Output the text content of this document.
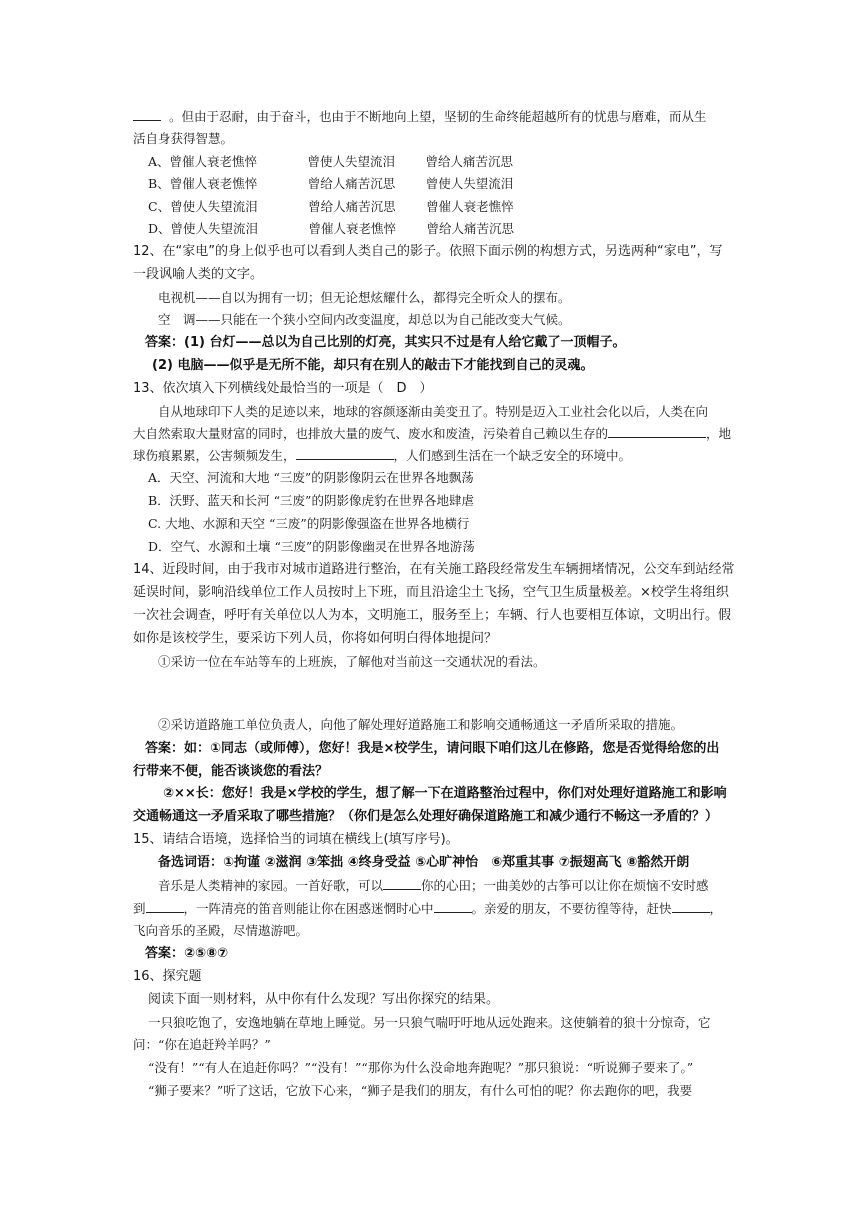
。但由于忍耐，由于奋斗，也由于不断地向上望，坚韧的生命终能超越所有的忧患与磨难，而从生
活自身获得智慧。
A、曾催人衰老憔悴	曾使人失望流泪 曾给人痛苦沉思
B、曾催人衰老憔悴	曾给人痛苦沉思 曾使人失望流泪
C、曾使人失望流泪	曾给人痛苦沉思 曾催人衰老憔悴
D、曾使人失望流泪	曾催人衰老憔悴 曾给人痛苦沉思
12、在“家电”的身上似乎也可以看到人类自己的影子。依照下面示例的构想方式，另选两种“家电”，写
一段讽喻人类的文字。
电视机——自以为拥有一切；但无论想炫耀什么，都得完全听众人的摆布。
空　调——只能在一个狭小空间内改变温度，却总以为自己能改变大气候。
答案：(1) 台灯——总以为自己比别的灯亮，其实只不过是有人给它戴了一顶帽子。
(2) 电脑——似乎是无所不能，却只有在别人的敲击下才能找到自己的灵魂。
13、依次填入下列横线处最恰当的一项是（　D　）
自从地球印下人类的足迹以来，地球的容颜逐渐由美变丑了。特别是迈入工业社会化以后，人类在向
大自然索取大量财富的同时，也排放大量的废气、废水和废渣，污染着自己赖以生存的	，地
球伤痕累累，公害频频发生，	，人们感到生活在一个缺乏安全的环境中。
A．天空、河流和大地 “三废”的阴影像阴云在世界各地飘荡
B．沃野、蓝天和长河 “三废”的阴影像虎豹在世界各地肆虐
C. 大地、水源和天空 “三废”的阴影像强盗在世界各地横行
D．空气、水源和土壤 “三废”的阴影像幽灵在世界各地游荡
14、近段时间，由于我市对城市道路进行整治，在有关施工路段经常发生车辆拥堵情况，公交车到站经常
延误时间，影响沿线单位工作人员按时上下班，而且沿途尘土飞扬，空气卫生质量极差。×校学生将组织
一次社会调查，呼吁有关单位以人为本，文明施工，服务至上；车辆、行人也要相互体谅，文明出行。假
如你是该校学生，要采访下列人员，你将如何明白得体地提问？
①采访一位在车站等车的上班族，了解他对当前这一交通状况的看法。
②采访道路施工单位负责人，向他了解处理好道路施工和影响交通畅通这一矛盾所采取的措施。
答案：如：①同志（或师傅），您好！我是×校学生，请问眼下咱们这儿在修路，您是否觉得给您的出
行带来不便，能否谈谈您的看法？
②××长：您好！我是×学校的学生，想了解一下在道路整治过程中，你们对处理好道路施工和影响
交通畅通这一矛盾采取了哪些措施？（你们是怎么处理好确保道路施工和减少通行不畅这一矛盾的？）
15、请结合语境，选择恰当的词填在横线上(填写序号)。
备选词语：①拘谨 ②滋润 ③笨拙 ④终身受益 ⑤心旷神怡　⑥郑重其事 ⑦振翅高飞 ⑧豁然开朗
音乐是人类精神的家园。一首好歌，可以	你的心田；一曲美妙的古筝可以让你在烦恼不安时感
到	，一阵清亮的笛音则能让你在困惑迷惘时心中	。亲爱的朋友，不要彷徨等待，赶快	，
飞向音乐的圣殿，尽情遨游吧。
答案：②⑤⑧⑦
16、探究题
阅读下面一则材料，从中你有什么发现？写出你探究的结果。
一只狼吃饱了，安逸地躺在草地上睡觉。另一只狼气喘吁吁地从远处跑来。这使躺着的狼十分惊奇，它
问：“你在追赶羚羊吗？”
“没有！”“有人在追赶你吗？”“没有！”“那你为什么没命地奔跑呢？”那只狼说：“听说狮子要来了。”
“狮子要来？”听了这话，它放下心来，“狮子是我们的朋友，有什么可怕的呢？你去跑你的吧，我要
